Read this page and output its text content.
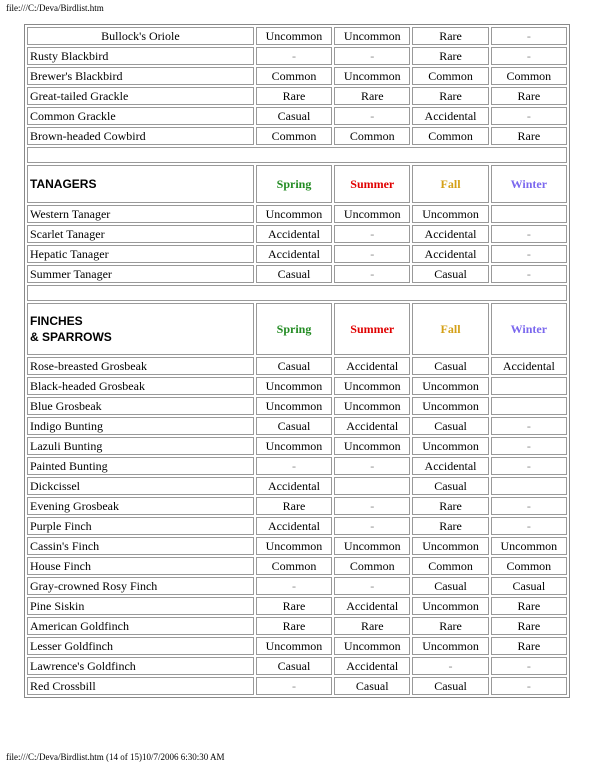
file:///C:/Deva/Birdlist.htm
Bullock's Oriole	Uncommon	Uncommon	Rare	-
Rusty Blackbird	-	-	Rare	-
Brewer's Blackbird	Common	Uncommon	Common	Common
Great-tailed Grackle	Rare	Rare	Rare	Rare
Common Grackle	Casual	-	Accidental	-
Brown-headed Cowbird	Common	Common	Common	Rare

TANAGERS	Spring	Summer	Fall	Winter
Western Tanager	Uncommon	Uncommon	Uncommon	
Scarlet Tanager	Accidental	-	Accidental	-
Hepatic Tanager	Accidental	-	Accidental	-
Summer Tanager	Casual	-	Casual	-

FINCHES
& SPARROWS	Spring	Summer	Fall	Winter
Rose-breasted Grosbeak	Casual	Accidental	Casual	Accidental
Black-headed Grosbeak	Uncommon	Uncommon	Uncommon	
Blue Grosbeak	Uncommon	Uncommon	Uncommon	
Indigo Bunting	Casual	Accidental	Casual	-
Lazuli Bunting	Uncommon	Uncommon	Uncommon	-
Painted Bunting	-	-	Accidental	-
Dickcissel	Accidental		Casual	
Evening Grosbeak	Rare	-	Rare	-
Purple Finch	Accidental	-	Rare	-
Cassin's Finch	Uncommon	Uncommon	Uncommon	Uncommon
House Finch	Common	Common	Common	Common
Gray-crowned Rosy Finch	-	-	Casual	Casual
Pine Siskin	Rare	Accidental	Uncommon	Rare
American Goldfinch	Rare	Rare	Rare	Rare
Lesser Goldfinch	Uncommon	Uncommon	Uncommon	Rare
Lawrence's Goldfinch	Casual	Accidental	-	-
Red Crossbill	-	Casual	Casual	-
file:///C:/Deva/Birdlist.htm (14 of 15)10/7/2006 6:30:30 AM
